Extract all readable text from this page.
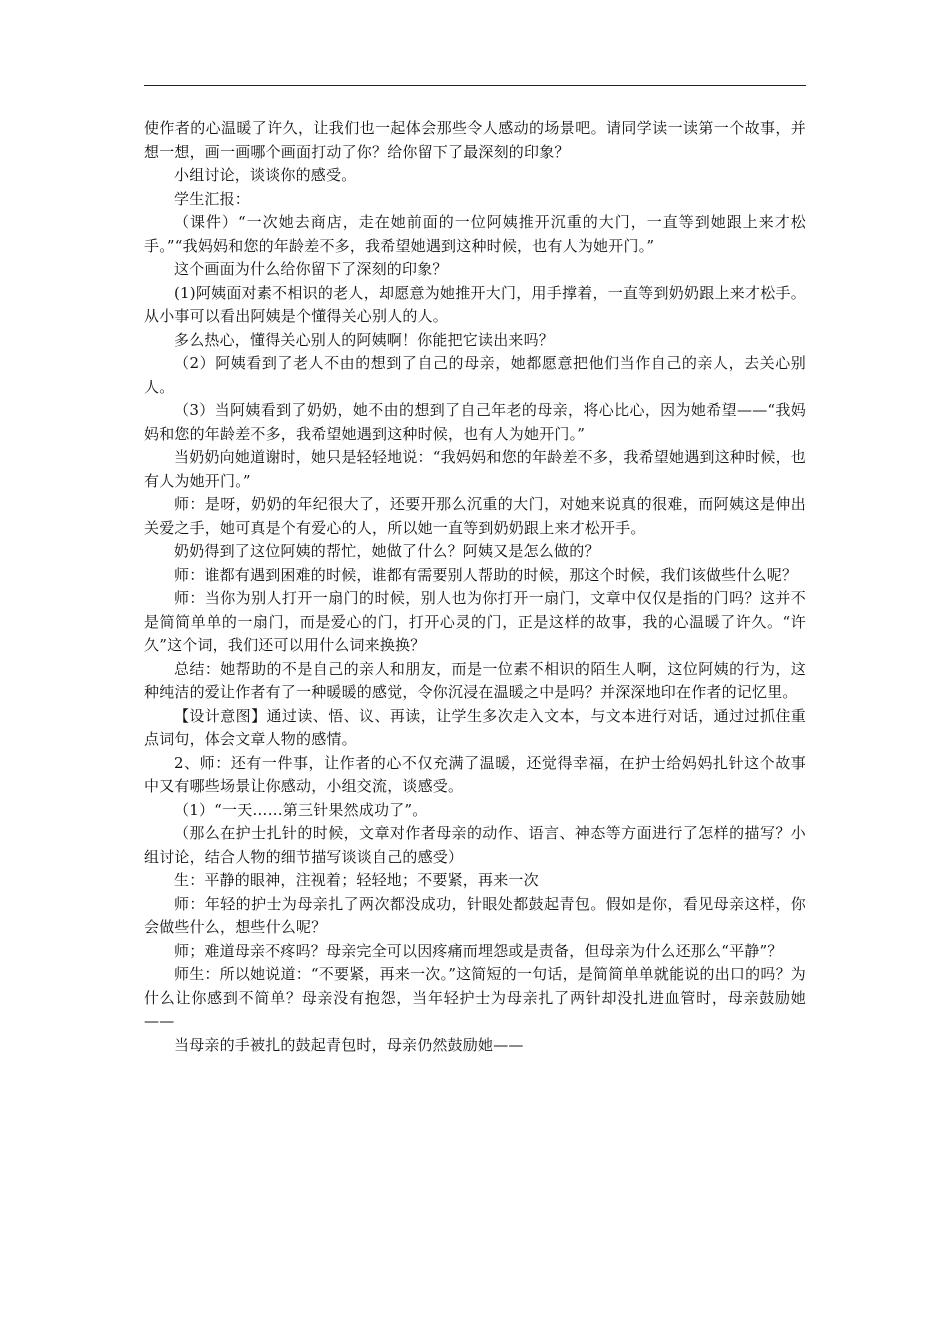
使作者的心温暖了许久，让我们也一起体会那些令人感动的场景吧。请同学读一读第一个故事，并想一想，画一画哪个画面打动了你？给你留下了最深刻的印象？

小组讨论，谈谈你的感受。

学生汇报：

（课件）“一次她去商店，走在她前面的一位阿姨推开沉重的大门，一直等到她跟上来才松手。”“我妈妈和您的年龄差不多，我希望她遇到这种时候，也有人为她开门。”

这个画面为什么给你留下了深刻的印象？

(1)阿姨面对素不相识的老人，却愿意为她推开大门，用手撑着，一直等到奶奶跟上来才松手。从小事可以看出阿姨是个懂得关心别人的人。

多么热心，懂得关心别人的阿姨啊！你能把它读出来吗？

（2）阿姨看到了老人不由的想到了自己的母亲，她都愿意把他们当作自己的亲人，去关心别人。

（3）当阿姨看到了奶奶，她不由的想到了自己年老的母亲，将心比心，因为她希望——“我妈妈和您的年龄差不多，我希望她遇到这种时候，也有人为她开门。”

当奶奶向她道谢时，她只是轻轻地说：“我妈妈和您的年龄差不多，我希望她遇到这种时候，也有人为她开门。”

师：是呀，奶奶的年纪很大了，还要开那么沉重的大门，对她来说真的很难，而阿姨这是伸出关爱之手，她可真是个有爱心的人，所以她一直等到奶奶跟上来才松开手。

奶奶得到了这位阿姨的帮忙，她做了什么？阿姨又是怎么做的？

师：谁都有遇到困难的时候，谁都有需要别人帮助的时候，那这个时候，我们该做些什么呢？

师：当你为别人打开一扇门的时候，别人也为你打开一扇门，文章中仅仅是指的门吗？这并不是简简单单的一扇门，而是爱心的门，打开心灵的门，正是这样的故事，我的心温暖了许久。“许久”这个词，我们还可以用什么词来换换？

总结：她帮助的不是自己的亲人和朋友，而是一位素不相识的陌生人啊，这位阿姨的行为，这种纯洁的爱让作者有了一种暖暖的感觉，令你沉浸在温暖之中是吗？并深深地印在作者的记忆里。

【设计意图】通过读、悟、议、再读，让学生多次走入文本，与文本进行对话，通过过抓住重点词句，体会文章人物的感情。

2、师：还有一件事，让作者的心不仅充满了温暖，还觉得幸福，在护士给妈妈扎针这个故事中又有哪些场景让你感动，小组交流，谈感受。

（1）“一天……第三针果然成功了”。

（那么在护士扎针的时候，文章对作者母亲的动作、语言、神态等方面进行了怎样的描写？小组讨论，结合人物的细节描写谈谈自己的感受）

生：平静的眼神，注视着；轻轻地；不要紧，再来一次

师：年轻的护士为母亲扎了两次都没成功，针眼处都鼓起青包。假如是你，看见母亲这样，你会做些什么，想些什么呢？

师；难道母亲不疼吗？母亲完全可以因疼痛而埋怨或是责备，但母亲为什么还那么“平静”？

师生：所以她说道：“不要紧，再来一次。”这简短的一句话，是简简单单就能说的出口的吗？为什么让你感到不简单？母亲没有抱怨，当年轻护士为母亲扎了两针却没扎进血管时，母亲鼓励她——

当母亲的手被扎的鼓起青包时，母亲仍然鼓励她——
